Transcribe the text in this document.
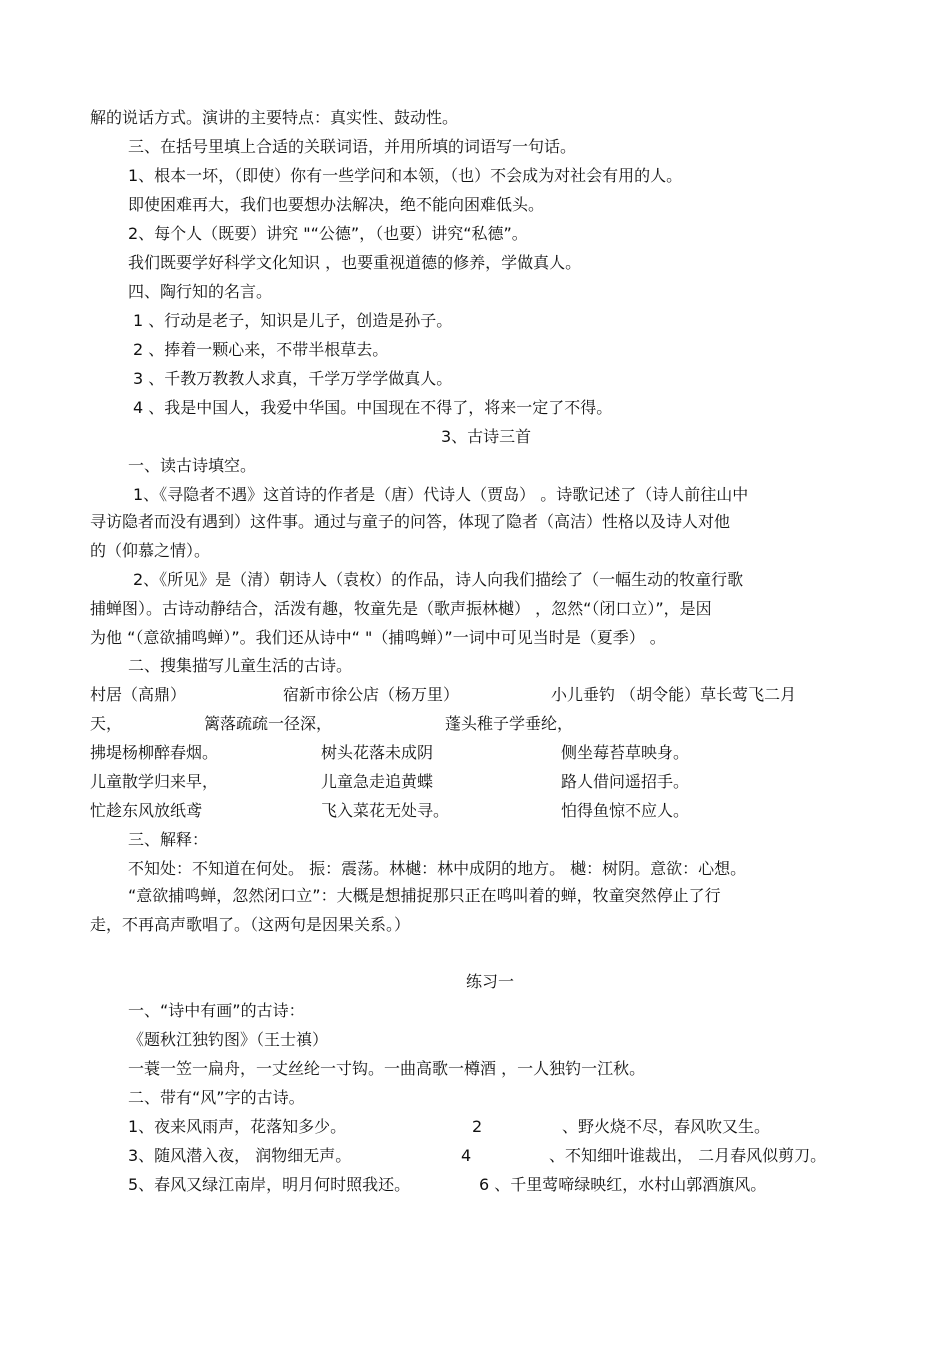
解的说话方式。演讲的主要特点：真实性、鼓动性。
三、在括号里填上合适的关联词语，并用所填的词语写一句话。
1、根本一坏，（即使）你有一些学问和本领，（也）不会成为对社会有用的人。
即使困难再大，我们也要想办法解决，绝不能向困难低头。
2、每个人（既要）讲究 "“公德”，（也要）讲究“私德”。
我们既要学好科学文化知识 ，也要重视道德的修养，学做真人。
四、陶行知的名言。
1 、行动是老子，知识是儿子，创造是孙子。
2 、捧着一颗心来，不带半根草去。
3 、千教万教教人求真，千学万学学做真人。
4 、我是中国人，我爱中华国。中国现在不得了，将来一定了不得。
3、古诗三首
一、读古诗填空。
1、《寻隐者不遇》这首诗的作者是（唐）代诗人（贾岛） 。诗歌记述了（诗人前往山中
寻访隐者而没有遇到）这件事。通过与童子的问答，体现了隐者（高洁）性格以及诗人对他
的（仰慕之情）。
2、《所见》是（清）朝诗人（袁枚）的作品，诗人向我们描绘了（一幅生动的牧童行歌
捕蝉图）。古诗动静结合，活泼有趣，牧童先是（歌声振林樾） ，忽然“（闭口立）”，是因
为他 “（意欲捕鸣蝉）”。我们还从诗中“ "（捕鸣蝉）”一词中可见当时是（夏季） 。
二、搜集描写儿童生活的古诗。
村居（高鼎）	宿新市徐公店（杨万里）	小儿垂钓 （胡令能）草长莺飞二月
天，	篱落疏疏一径深，	蓬头稚子学垂纶，
拂堤杨柳醉春烟。	树头花落未成阴	侧坐莓苔草映身。
儿童散学归来早，	儿童急走追黄蝶	路人借问遥招手。
忙趁东风放纸鸢	飞入菜花无处寻。	怕得鱼惊不应人。
三、解释：
不知处：不知道在何处。 振：震荡。林樾：林中成阴的地方。 樾：树阴。意欲：心想。
“意欲捕鸣蝉，忽然闭口立”：大概是想捕捉那只正在鸣叫着的蝉，牧童突然停止了行
走，不再高声歌唱了。（这两句是因果关系。）
练习一
一、“诗中有画”的古诗：
《题秋江独钓图》（王士禛）
一蓑一笠一扁舟，一丈丝纶一寸钩。一曲高歌一樽酒 ，一人独钓一江秋。
二、带有“风”字的古诗。
1、夜来风雨声，花落知多少。	2	、野火烧不尽，春风吹又生。
3、随风潜入夜， 润物细无声。	4	、不知细叶谁裁出， 二月春风似剪刀。
5、春风又绿江南岸，明月何时照我还。	6 、千里莺啼绿映红，水村山郭酒旗风。
